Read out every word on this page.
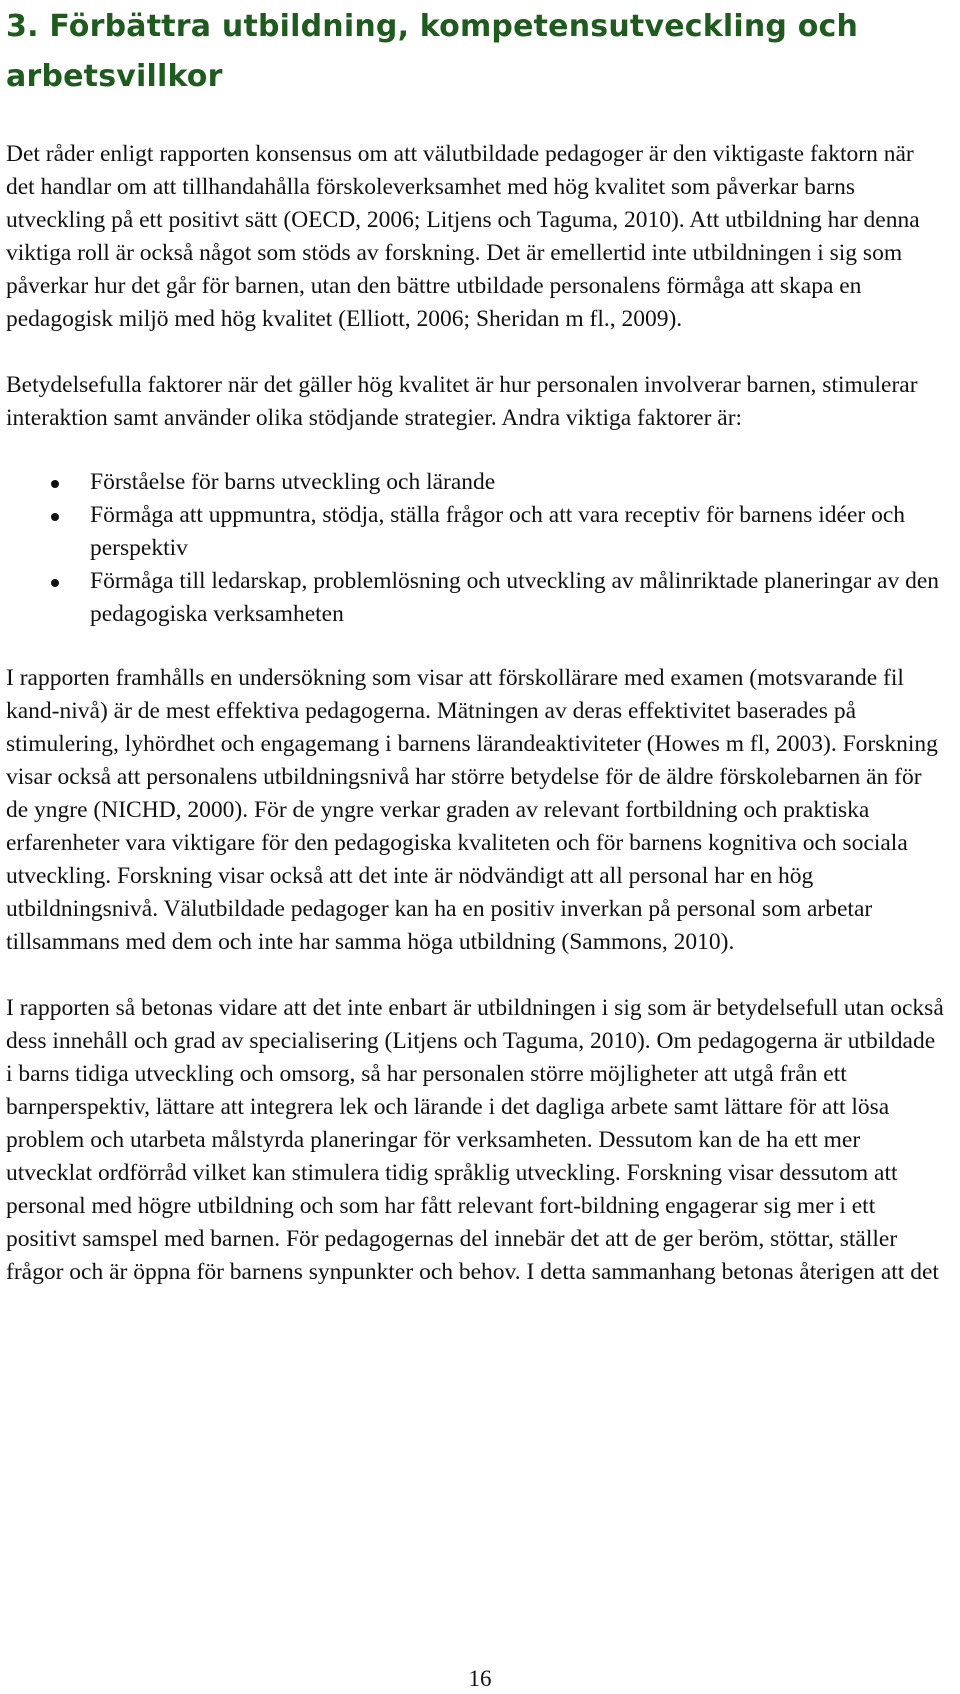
3. Förbättra utbildning, kompetensutveckling och arbetsvillkor

Det råder enligt rapporten konsensus om att välutbildade pedagoger är den viktigaste faktorn när det handlar om att tillhandahålla förskoleverksamhet med hög kvalitet som påverkar barns utveckling på ett positivt sätt (OECD, 2006; Litjens och Taguma, 2010). Att utbildning har denna viktiga roll är också något som stöds av forskning. Det är emellertid inte utbildningen i sig som påverkar hur det går för barnen, utan den bättre utbildade personalens förmåga att skapa en pedagogisk miljö med hög kvalitet (Elliott, 2006; Sheridan m fl., 2009).

Betydelsefulla faktorer när det gäller hög kvalitet är hur personalen involverar barnen, stimulerar interaktion samt använder olika stödjande strategier. Andra viktiga faktorer är:

Förståelse för barns utveckling och lärande
Förmåga att uppmuntra, stödja, ställa frågor och att vara receptiv för barnens idéer och perspektiv
Förmåga till ledarskap, problemlösning och utveckling av målinriktade planeringar av den pedagogiska verksamheten

I rapporten framhålls en undersökning som visar att förskollärare med examen (motsvarande fil kand-nivå) är de mest effektiva pedagogerna. Mätningen av deras effektivitet baserades på stimulering, lyhördhet och engagemang i barnens lärandeaktiviteter (Howes m fl, 2003). Forskning visar också att personalens utbildningsnivå har större betydelse för de äldre förskolebarnen än för de yngre (NICHD, 2000). För de yngre verkar graden av relevant fortbildning och praktiska erfarenheter vara viktigare för den pedagogiska kvaliteten och för barnens kognitiva och sociala utveckling. Forskning visar också att det inte är nödvändigt att all personal har en hög utbildningsnivå. Välutbildade pedagoger kan ha en positiv inverkan på personal som arbetar tillsammans med dem och inte har samma höga utbildning (Sammons, 2010).

I rapporten så betonas vidare att det inte enbart är utbildningen i sig som är betydelsefull utan också dess innehåll och grad av specialisering (Litjens och Taguma, 2010). Om pedagogerna är utbildade i barns tidiga utveckling och omsorg, så har personalen större möjligheter att utgå från ett barnperspektiv, lättare att integrera lek och lärande i det dagliga arbete samt lättare för att lösa problem och utarbeta målstyrda planeringar för verksamheten. Dessutom kan de ha ett mer utvecklat ordförråd vilket kan stimulera tidig språklig utveckling. Forskning visar dessutom att personal med högre utbildning och som har fått relevant fort-bildning engagerar sig mer i ett positivt samspel med barnen. För pedagogernas del innebär det att de ger beröm, stöttar, ställer frågor och är öppna för barnens synpunkter och behov. I detta sammanhang betonas återigen att det

16
